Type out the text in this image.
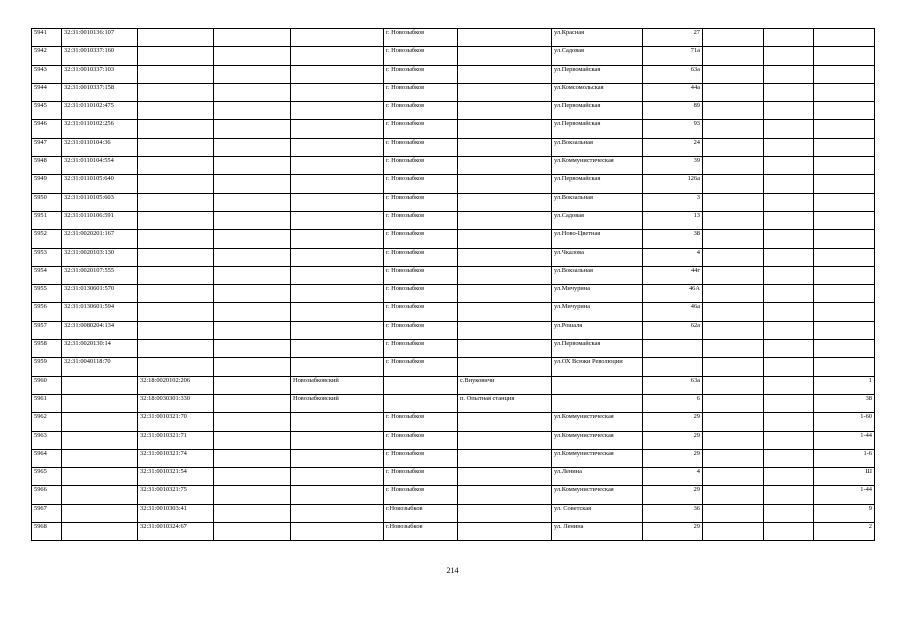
5941	32:31:0010136:107				г. Новозыбков		ул.Красная	27			
5942	32:31:0010337:160				г. Новозыбков		ул.Садовая	71а			
5943	32:31:0010337:103				г. Новозыбков		ул.Первомайская	63а			
5944	32:31:0010337:158				г. Новозыбков		ул.Комсомольская	44а			
5945	32:31:0110102:475				г. Новозыбков		ул.Первомайская	89			
5946	32:31:0110102:256				г. Новозыбков		ул.Первомайская	93			
5947	32:31:0110104:36				г. Новозыбков		ул.Вокзальная	24			
5948	32:31:0110104:554				г. Новозыбков		ул.Коммунистическая	39			
5949	32:31:0110105:640				г. Новозыбков		ул.Первомайская	126а			
5950	32:31:0110105:603				г. Новозыбков		ул.Вокзальная	3			
5951	32:31:0110106:591				г. Новозыбков		ул.Садовая	13			
5952	32:31:0020201:167				г. Новозыбков		ул.Ново-Цветная	38			
5953	32:31:0020103:130				г. Новозыбков		ул.Чкалова	4			
5954	32:31:0020107:555				г. Новозыбков		ул.Вокзальная	44г			
5955	32:31:0130601:570				г. Новозыбков		ул.Мичурина	46А			
5956	32:31:0130601:594				г. Новозыбков		ул.Мичурина	46а			
5957	32:31:0080204:134				г. Новозыбков		ул.Рошаля	62а			
5958	32:31:0020130:14				г. Новозыбков		ул.Первомайская				
5959	32:31:0040118:70				г. Новозыбков		ул.ОХ Всюки Революции				
5960		32:18:0020102:206		Новозыбковский		с.Внуковичи		63а			1
5961		32:18:0030301:330		Новозыбковский		п. Опытная станция		6			38
5962		32:31:0010321:70			г. Новозыбков		ул.Коммунистическая	29			1-60
5963		32:31:0010321:71			г. Новозыбков		ул.Коммунистическая	29			1-44
5964		32:31:0010321:74			г. Новозыбков		ул.Коммунистическая	29			1-6
5965		32:31:0010321:54			г. Новозыбков		ул.Ленина	4			Ш
5966		32:31:0010321:75			г. Новозыбков		ул.Коммунистическая	29			1-44
5967		32:31:0010303:41			г.Новозыбков		ул. Советская	36			9
5968		32:31:0010324:67			г.Новозыбков		ул. Ленина	29			2
214
